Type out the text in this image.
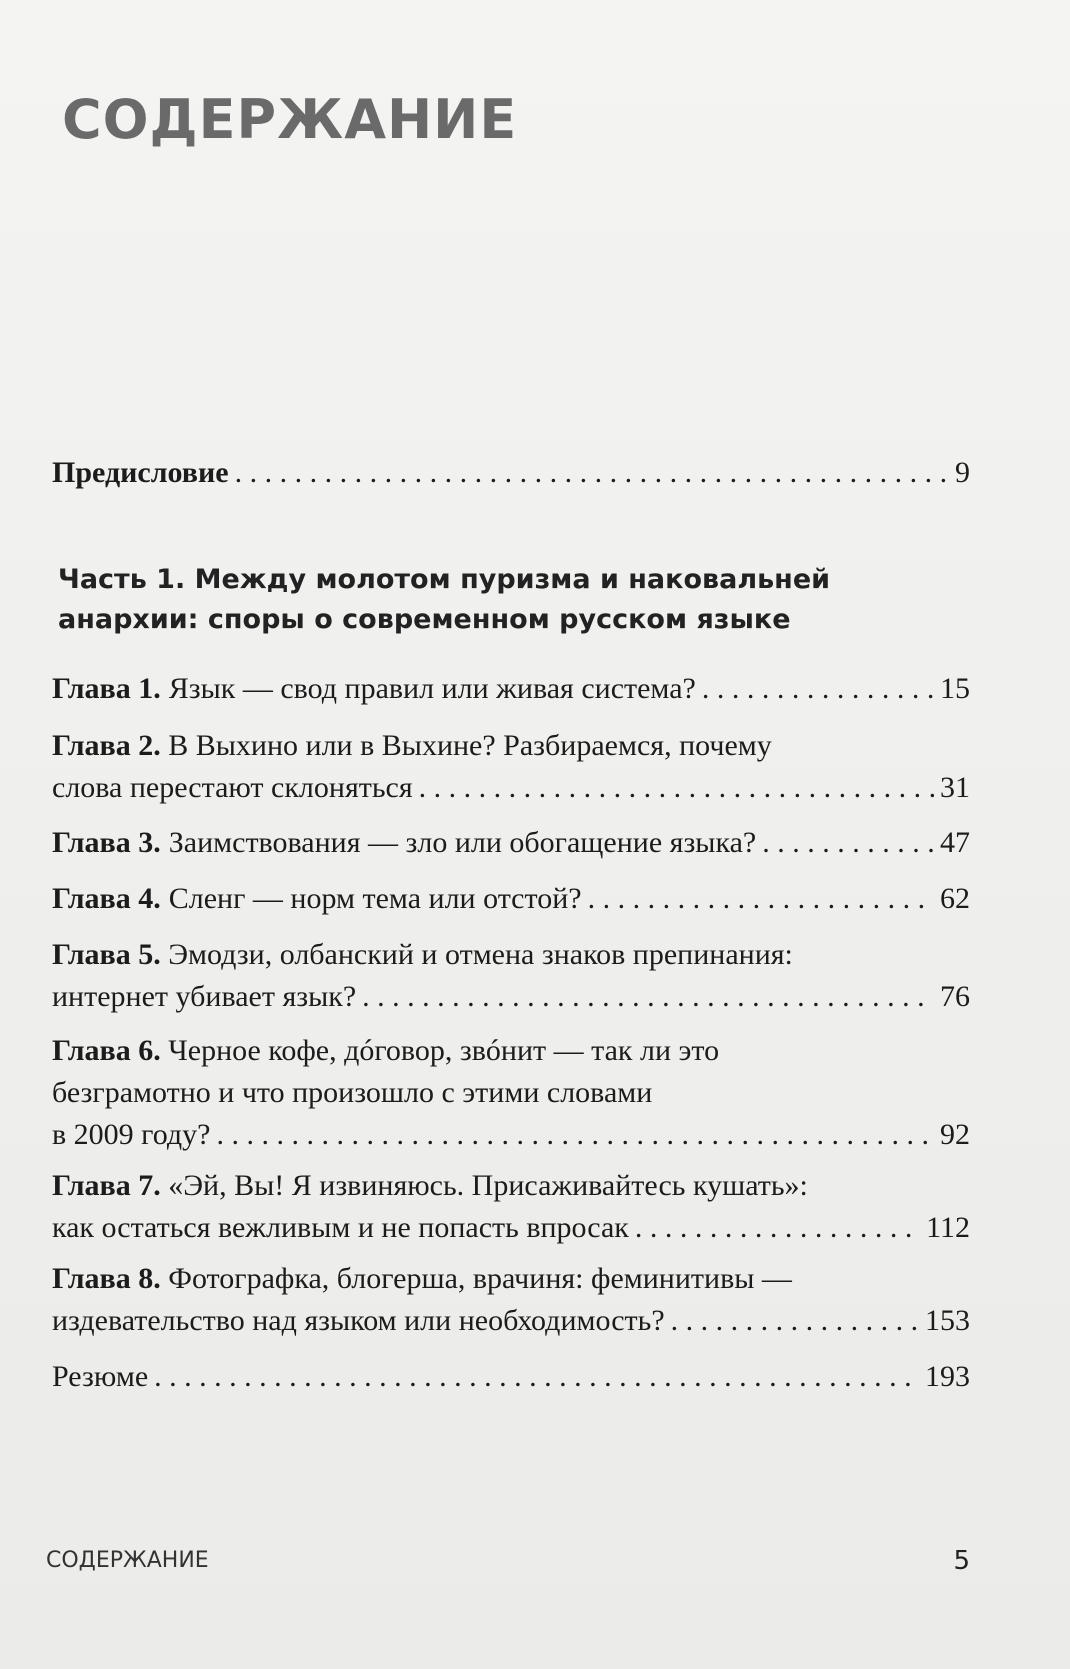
СОДЕРЖАНИЕ
Предисловие . . .	9
Часть 1. Между молотом пуризма и наковальней анархии: споры о современном русском языке
Глава 1. Язык — свод правил или живая система? . . .	15
Глава 2. В Выхино или в Выхине? Разбираемся, почему
слова перестают склоняться . . .	31
Глава 3. Заимствования — зло или обогащение языка? . . .	47
Глава 4. Сленг — норм тема или отстой? . . .	62
Глава 5. Эмодзи, олбанский и отмена знаков препинания:
интернет убивает язык? . . .	76
Глава 6. Черное кофе, дóговор, звóнит — так ли это
безграмотно и что произошло с этими словами
в 2009 году? . . .	92
Глава 7. «Эй, Вы! Я извиняюсь. Присаживайтесь кушать»:
как остаться вежливым и не попасть впросак . . .	112
Глава 8. Фотографка, блогерша, врачиня: феминитивы —
издевательство над языком или необходимость? . . .	153
Резюме . . .	193
СОДЕРЖАНИЕ	5
